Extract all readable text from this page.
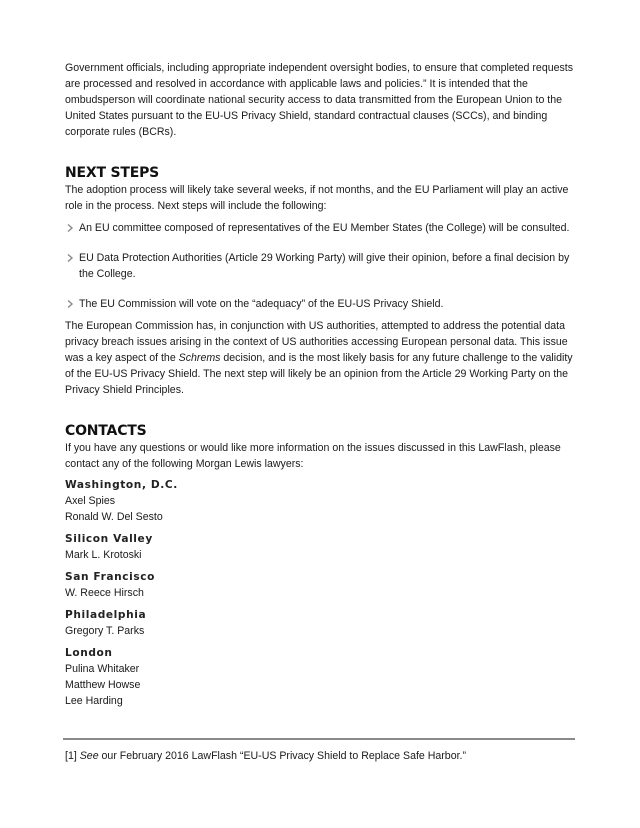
Government officials, including appropriate independent oversight bodies, to ensure that completed requests are processed and resolved in accordance with applicable laws and policies.” It is intended that the ombudsperson will coordinate national security access to data transmitted from the European Union to the United States pursuant to the EU-US Privacy Shield, standard contractual clauses (SCCs), and binding corporate rules (BCRs).

NEXT STEPS

The adoption process will likely take several weeks, if not months, and the EU Parliament will play an active role in the process. Next steps will include the following:

An EU committee composed of representatives of the EU Member States (the College) will be consulted.
EU Data Protection Authorities (Article 29 Working Party) will give their opinion, before a final decision by the College.
The EU Commission will vote on the “adequacy” of the EU-US Privacy Shield.

The European Commission has, in conjunction with US authorities, attempted to address the potential data privacy breach issues arising in the context of US authorities accessing European personal data. This issue was a key aspect of the Schrems decision, and is the most likely basis for any future challenge to the validity of the EU-US Privacy Shield. The next step will likely be an opinion from the Article 29 Working Party on the Privacy Shield Principles.

CONTACTS

If you have any questions or would like more information on the issues discussed in this LawFlash, please contact any of the following Morgan Lewis lawyers:

Washington, D.C.
Axel Spies
Ronald W. Del Sesto
Silicon Valley
Mark L. Krotoski
San Francisco
W. Reece Hirsch
Philadelphia
Gregory T. Parks
London
Pulina Whitaker
Matthew Howse
Lee Harding
[1] See our February 2016 LawFlash “EU-US Privacy Shield to Replace Safe Harbor.”
